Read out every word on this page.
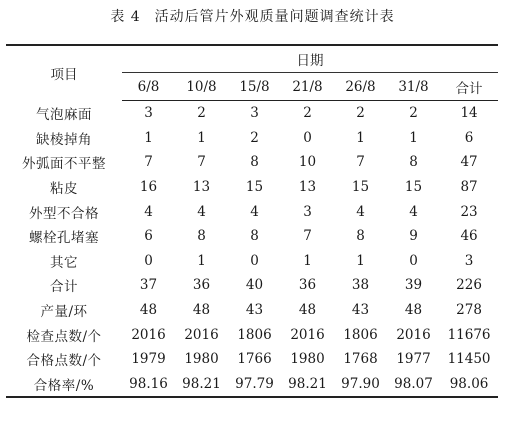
表 4 活动后管片外观质量问题调查统计表
项目	日期						
	6/8	10/8	15/8	21/8	26/8	31/8	合计
气泡麻面	3	2	3	2	2	2	14
缺棱掉角	1	1	2	0	1	1	6
外弧面不平整	7	7	8	10	7	8	47
粘皮	16	13	15	13	15	15	87
外型不合格	4	4	4	3	4	4	23
螺栓孔堵塞	6	8	8	7	8	9	46
其它	0	1	0	1	1	0	3
合计	37	36	40	36	38	39	226
产量/环	48	48	43	48	43	48	278
检查点数/个	2016	2016	1806	2016	1806	2016	11676
合格点数/个	1979	1980	1766	1980	1768	1977	11450
合格率/%	98.16	98.21	97.79	98.21	97.90	98.07	98.06
